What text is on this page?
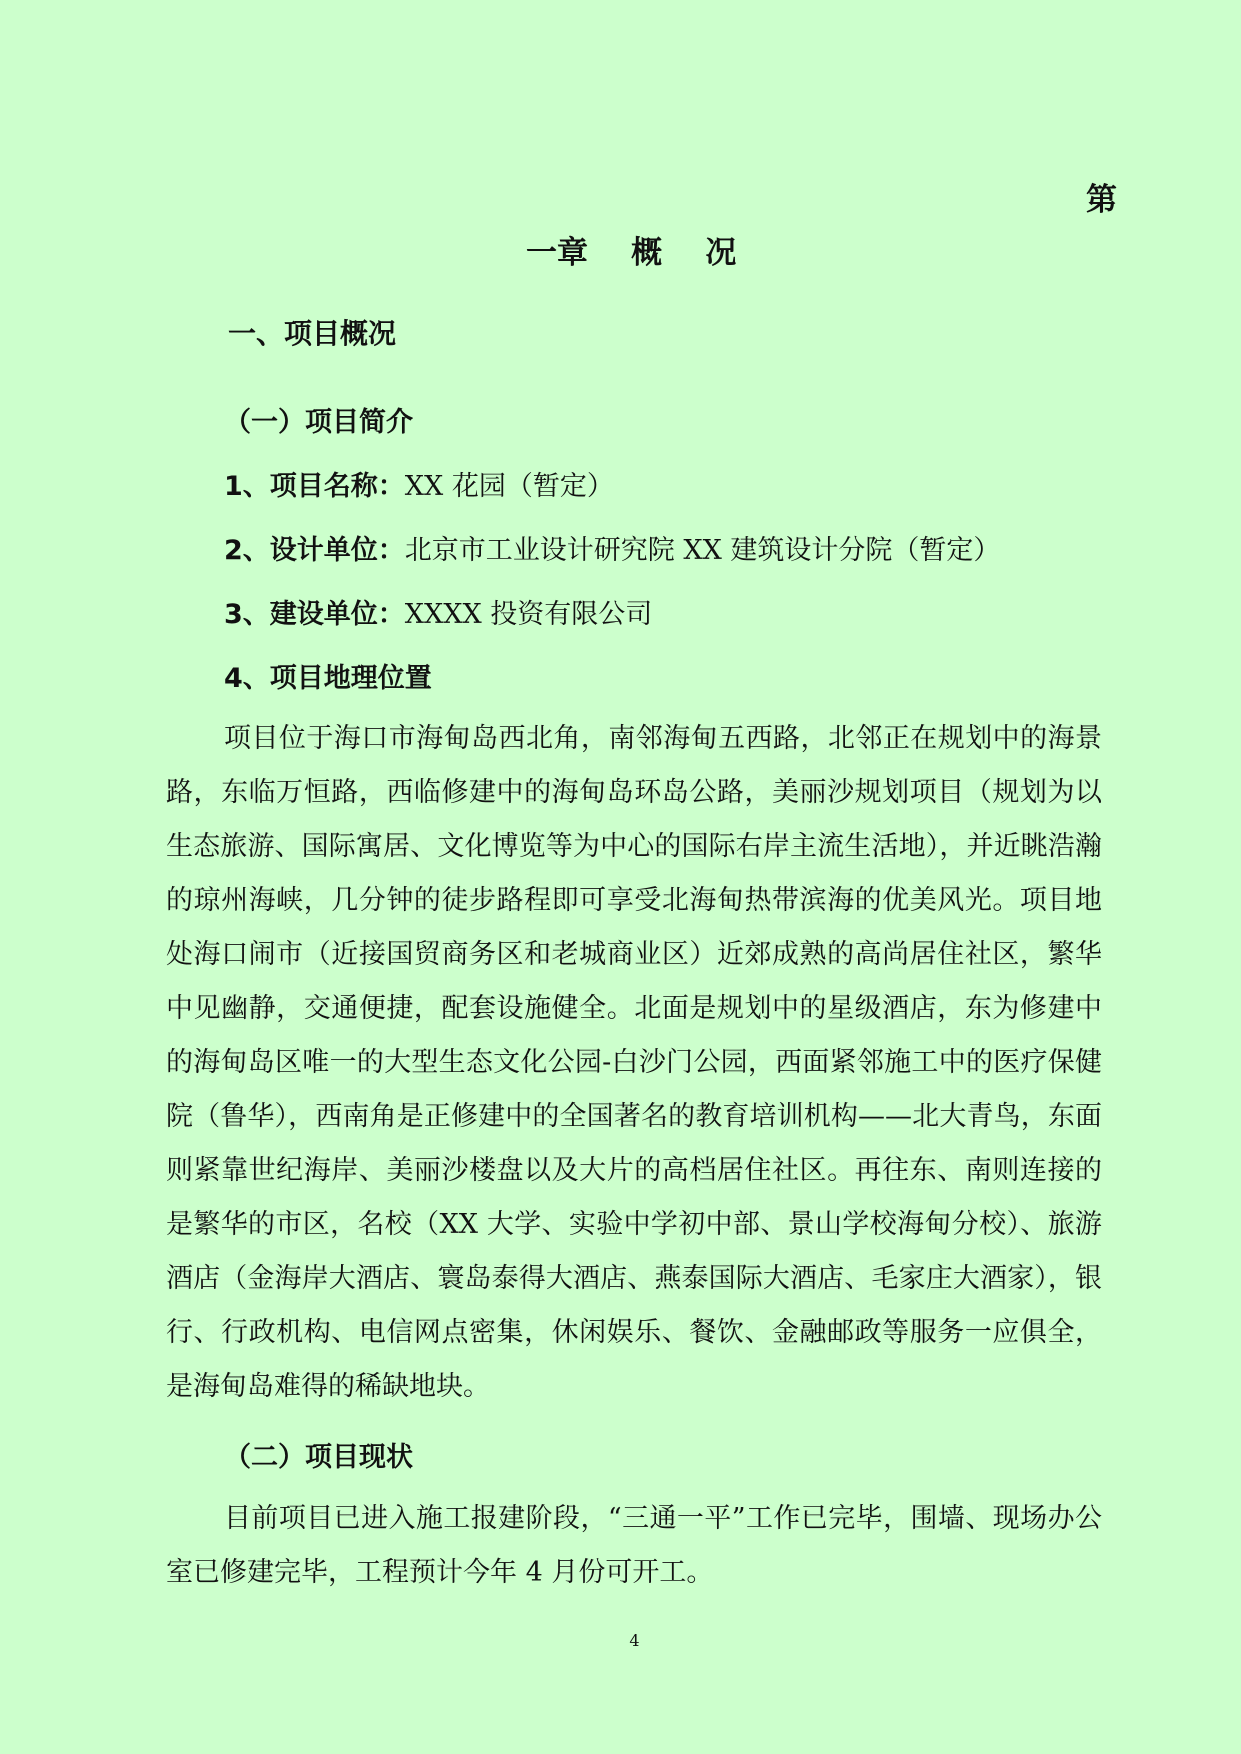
第
一章    概    况
一、项目概况
（一）项目简介
1、项目名称：XX 花园（暂定）
2、设计单位：北京市工业设计研究院 XX 建筑设计分院（暂定）
3、建设单位：XXXX 投资有限公司
4、项目地理位置
项目位于海口市海甸岛西北角，南邻海甸五西路，北邻正在规划中的海景路，东临万恒路，西临修建中的海甸岛环岛公路，美丽沙规划项目（规划为以生态旅游、国际寓居、文化博览等为中心的国际右岸主流生活地），并近眺浩瀚的琼州海峡，几分钟的徒步路程即可享受北海甸热带滨海的优美风光。项目地处海口闹市（近接国贸商务区和老城商业区）近郊成熟的高尚居住社区，繁华中见幽静，交通便捷，配套设施健全。北面是规划中的星级酒店，东为修建中的海甸岛区唯一的大型生态文化公园-白沙门公园，西面紧邻施工中的医疗保健院（鲁华），西南角是正修建中的全国著名的教育培训机构——北大青鸟，东面则紧靠世纪海岸、美丽沙楼盘以及大片的高档居住社区。再往东、南则连接的是繁华的市区，名校（XX 大学、实验中学初中部、景山学校海甸分校）、旅游酒店（金海岸大酒店、寰岛泰得大酒店、燕泰国际大酒店、毛家庄大酒家），银行、行政机构、电信网点密集，休闲娱乐、餐饮、金融邮政等服务一应俱全，是海甸岛难得的稀缺地块。
（二）项目现状
目前项目已进入施工报建阶段，“三通一平”工作已完毕，围墙、现场办公室已修建完毕，工程预计今年 4 月份可开工。
4
